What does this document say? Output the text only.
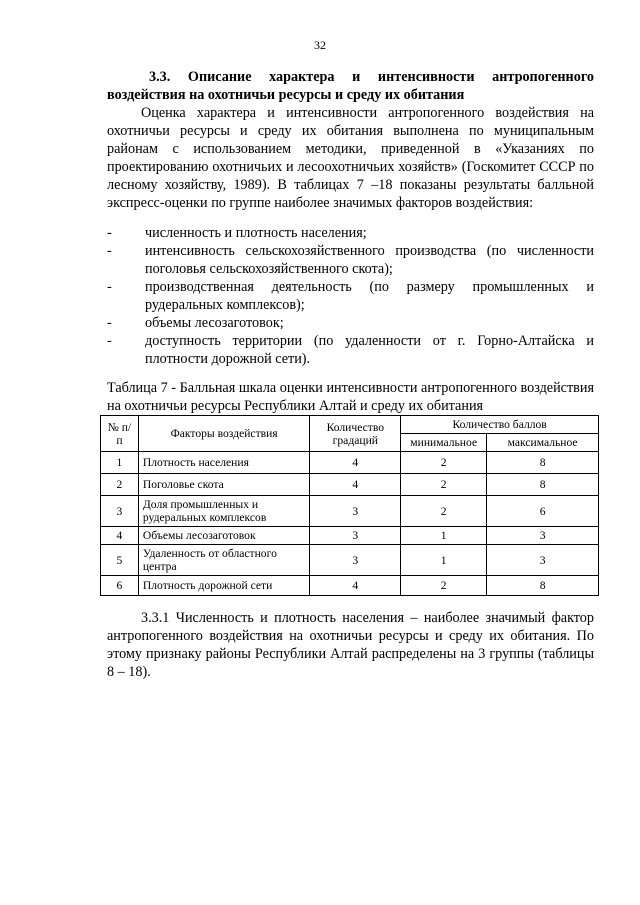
32
3.3. Описание характера и интенсивности антропогенного воздействия на охотничьи ресурсы и среду их обитания

Оценка характера и интенсивности антропогенного воздействия на охотничьи ресурсы и среду их обитания выполнена по муниципальным районам с использованием методики, приведенной в «Указаниях по проектированию охотничьих и лесоохотничьих хозяйств» (Госкомитет СССР по лесному хозяйству, 1989). В таблицах 7 –18 показаны результаты балльной экспресс-оценки по группе наиболее значимых факторов воздействия:

-	численность и плотность населения;
-	интенсивность сельскохозяйственного производства (по численности поголовья сельскохозяйственного скота);
-	производственная деятельность (по размеру промышленных и рудеральных комплексов);
-	объемы лесозаготовок;
-	доступность территории (по удаленности от г. Горно-Алтайска и плотности дорожной сети).
Таблица 7 - Балльная шкала оценки интенсивности антропогенного воздействия на охотничьи ресурсы Республики Алтай и среду их обитания
№ п/п	Факторы воздействия	Количество градаций	Количество баллов	
			минимальное	максимальное
1	Плотность населения	4	2	8
2	Поголовье скота	4	2	8
3	Доля промышленных и рудеральных комплексов	3	2	6
4	Объемы лесозаготовок	3	1	3
5	Удаленность от областного центра	3	1	3
6	Плотность дорожной сети	4	2	8

3.3.1 Численность и плотность населения – наиболее значимый фактор антропогенного воздействия на охотничьи ресурсы и среду их обитания. По этому признаку районы Республики Алтай распределены на 3 группы (таблицы 8 – 18).
